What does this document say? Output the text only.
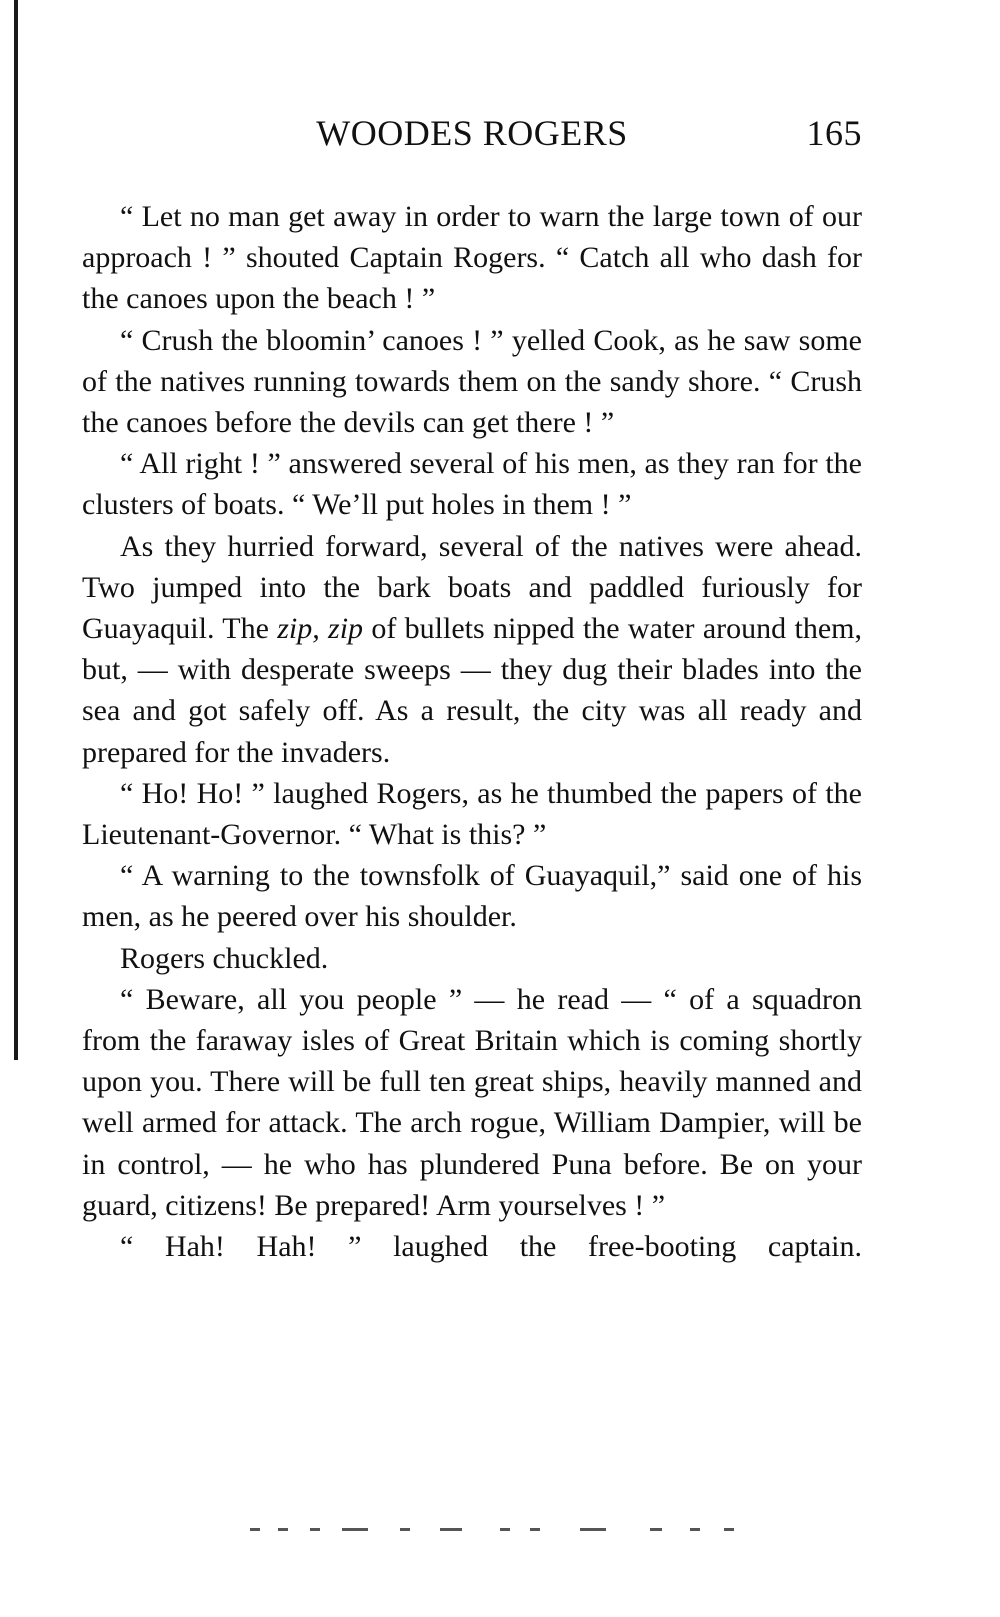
WOODES ROGERS	165

“ Let no man get away in order to warn the large town of our approach ! ” shouted Captain Rogers. “ Catch all who dash for the canoes upon the beach ! ”

“ Crush the bloomin’ canoes ! ” yelled Cook, as he saw some of the natives running towards them on the sandy shore. “ Crush the canoes before the devils can get there ! ”

“ All right ! ” answered several of his men, as they ran for the clusters of boats. “ We’ll put holes in them ! ”

As they hurried forward, several of the natives were ahead. Two jumped into the bark boats and paddled furiously for Guayaquil. The zip, zip of bullets nipped the water around them, but, — with desperate sweeps — they dug their blades into the sea and got safely off. As a result, the city was all ready and prepared for the invaders.

“ Ho! Ho! ” laughed Rogers, as he thumbed the papers of the Lieutenant-Governor. “ What is this? ”

“ A warning to the townsfolk of Guayaquil,” said one of his men, as he peered over his shoulder.

Rogers chuckled.

“ Beware, all you people ” — he read — “ of a squadron from the faraway isles of Great Britain which is coming shortly upon you. There will be full ten great ships, heavily manned and well armed for attack. The arch rogue, William Dampier, will be in control, — he who has plundered Puna before. Be on your guard, citizens! Be prepared! Arm yourselves ! ”

“ Hah! Hah! ” laughed the free-booting captain.
